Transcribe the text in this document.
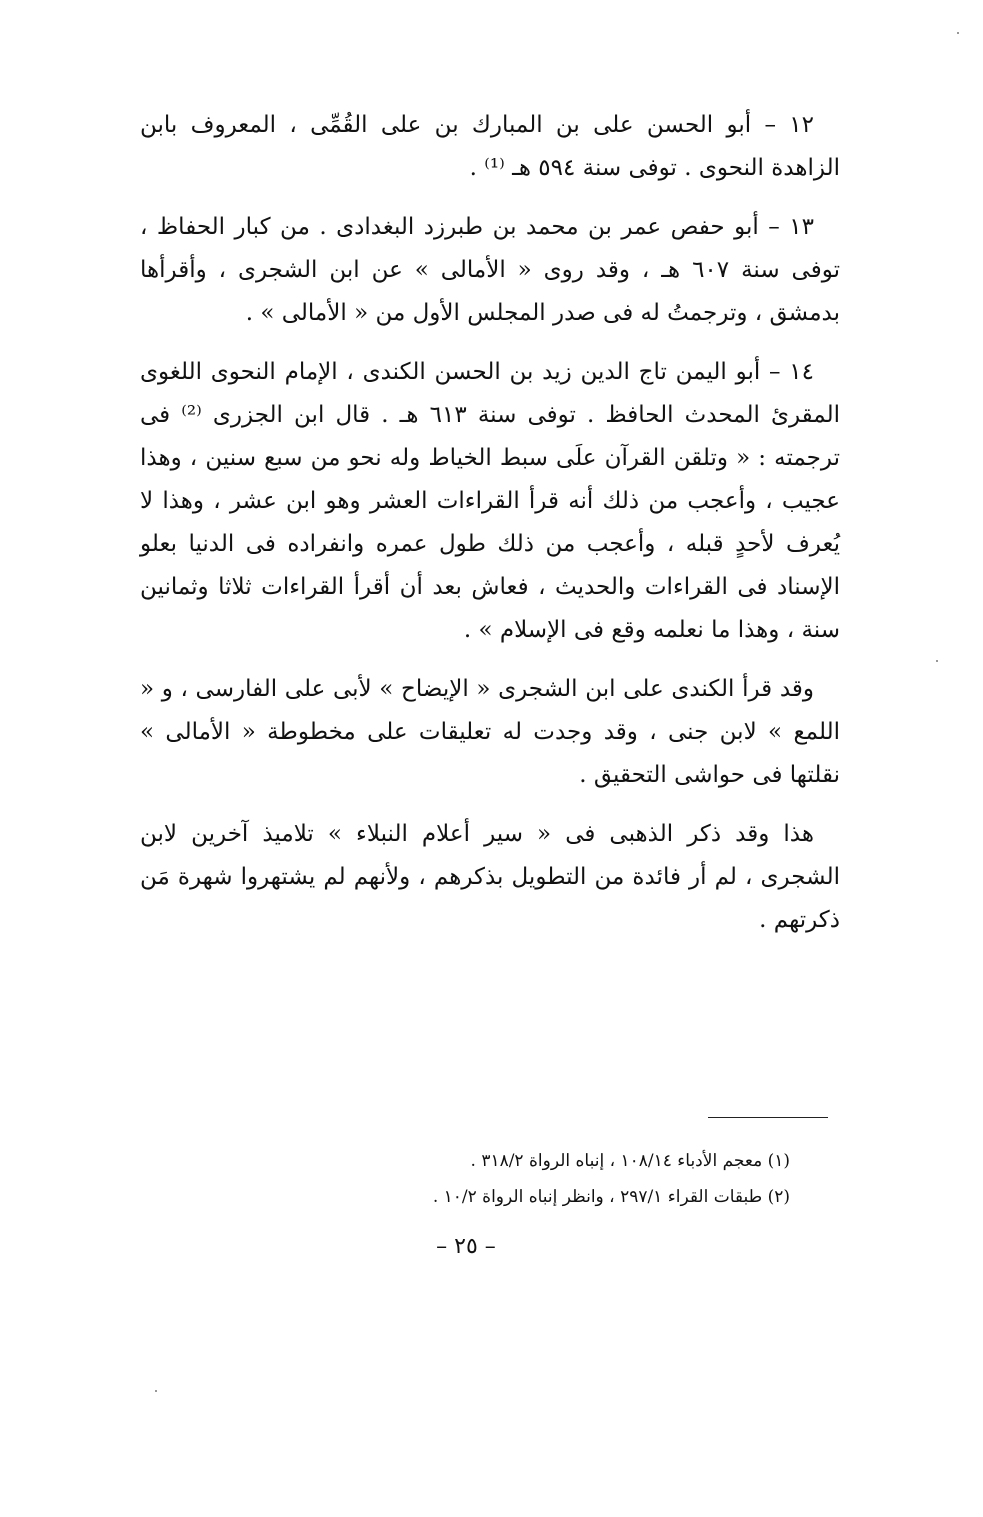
١٢ – أبو الحسن على بن المبارك بن على القُمِّى ، المعروف بابن الزاهدة النحوى . توفى سنة ٥٩٤ هـ ⁽¹⁾ .

١٣ – أبو حفص عمر بن محمد بن طبرزد البغدادى . من كبار الحفاظ ، توفى سنة ٦٠٧ هـ ، وقد روى « الأمالى » عن ابن الشجرى ، وأقرأها بدمشق ، وترجمتُ له فى صدر المجلس الأول من « الأمالى » .

١٤ – أبو اليمن تاج الدين زيد بن الحسن الكندى ، الإمام النحوى اللغوى المقرئ المحدث الحافظ . توفى سنة ٦١٣ هـ . قال ابن الجزرى ⁽²⁾ فى ترجمته : « وتلقن القرآن علَى سبط الخياط وله نحو من سبع سنين ، وهذا عجيب ، وأعجب من ذلك أنه قرأ القراءات العشر وهو ابن عشر ، وهذا لا يُعرف لأحدٍ قبله ، وأعجب من ذلك طول عمره وانفراده فى الدنيا بعلو الإسناد فى القراءات والحديث ، فعاش بعد أن أقرأ القراءات ثلاثا وثمانين سنة ، وهذا ما نعلمه وقع فى الإسلام » .

وقد قرأ الكندى على ابن الشجرى « الإيضاح » لأبى على الفارسى ، و « اللمع » لابن جنى ، وقد وجدت له تعليقات على مخطوطة « الأمالى » نقلتها فى حواشى التحقيق .

هذا وقد ذكر الذهبى فى « سير أعلام النبلاء » تلاميذ آخرين لابن الشجرى ، لم أر فائدة من التطويل بذكرهم ، ولأنهم لم يشتهروا شهرة مَن ذكرتهم .

(١) معجم الأدباء ١٠٨/١٤ ، إنباه الرواة ٣١٨/٢ .

(٢) طبقات القراء ٢٩٧/١ ، وانظر إنباه الرواة ١٠/٢ .

– ٢٥ –
